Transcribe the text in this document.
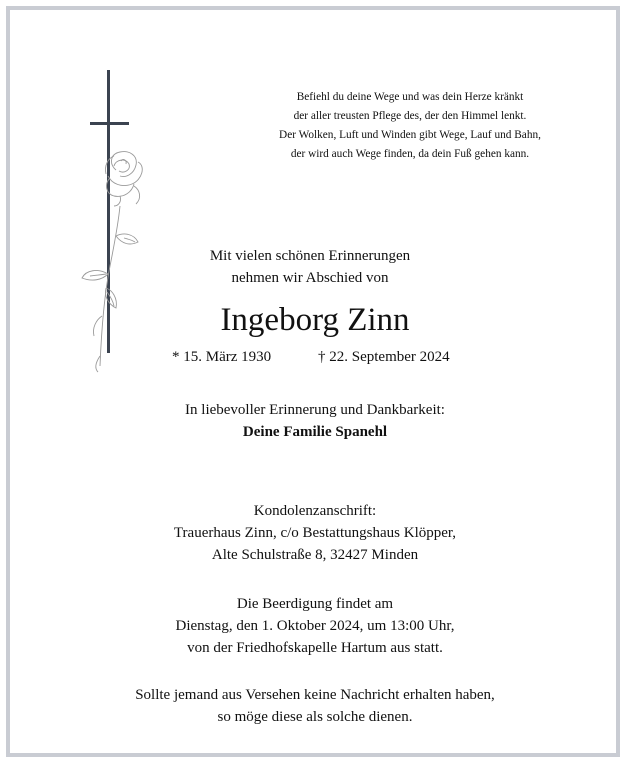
Befiehl du deine Wege und was dein Herze kränkt
der aller treusten Pflege des, der den Himmel lenkt.
Der Wolken, Luft und Winden gibt Wege, Lauf und Bahn,
der wird auch Wege finden, da dein Fuß gehen kann.
Mit vielen schönen Erinnerungen
nehmen wir Abschied von
Ingeborg Zinn
* 15. März 1930	† 22. September 2024
In liebevoller Erinnerung und Dankbarkeit:
Deine Familie Spanehl
Kondolenzanschrift:
Trauerhaus Zinn, c/o Bestattungshaus Klöpper,
Alte Schulstraße 8, 32427 Minden
Die Beerdigung findet am
Dienstag, den 1. Oktober 2024, um 13:00 Uhr,
von der Friedhofskapelle Hartum aus statt.
Sollte jemand aus Versehen keine Nachricht erhalten haben,
so möge diese als solche dienen.
